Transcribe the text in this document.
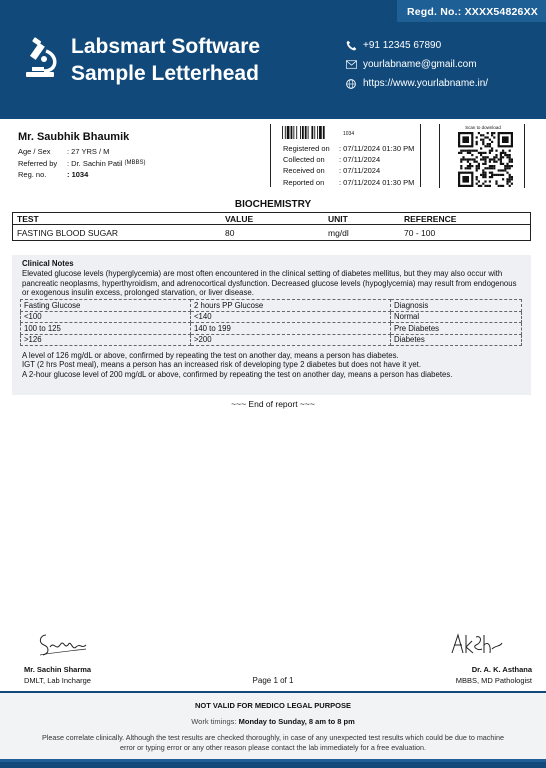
Regd. No.: XXXX54826XX
Labsmart Software
Sample Letterhead
+91 12345 67890
yourlabname@gmail.com
https://www.yourlabname.in/
Mr. Saubhik Bhaumik
Age / Sex	: 27 YRS / M
Referred by	: Dr. Sachin Patil
(MBBS)
Reg. no.	: 1034
1034
Registered on	: 07/11/2024 01:30 PM
Collected on	: 07/11/2024
Received on	: 07/11/2024
Reported on	: 07/11/2024 01:30 PM
Scan to download
BIOCHEMISTRY
TEST	VALUE	UNIT	REFERENCE
FASTING BLOOD SUGAR	80	mg/dl	70 - 100
Clinical Notes

Elevated glucose levels (hyperglycemia) are most often encountered in the clinical setting of diabetes mellitus, but they may also occur with pancreatic neoplasms, hyperthyroidism, and adrenocortical dysfunction. Decreased glucose levels (hypoglycemia) may result from endogenous or exogenous insulin excess, prolonged starvation, or liver disease.

Fasting Glucose	2 hours PP Glucose	Diagnosis
<100	<140	Normal
100 to 125	140 to 199	Pre Diabetes
>126	>200	Diabetes
A level of 126 mg/dL or above, confirmed by repeating the test on another day, means a person has diabetes.
IGT (2 hrs Post meal), means a person has an increased risk of developing type 2 diabetes but does not have it yet.
A 2-hour glucose level of 200 mg/dL or above, confirmed by repeating the test on another day, means a person has diabetes.
~~~ End of report ~~~
Mr. Sachin Sharma
DMLT, Lab Incharge
Dr. A. K. Asthana
MBBS, MD Pathologist
Page 1 of 1
NOT VALID FOR MEDICO LEGAL PURPOSE
Work timings: Monday to Sunday, 8 am to 8 pm
Please correlate clinically. Although the test results are checked thoroughly, in case of any unexpected test results which could be due to machine error or typing error or any other reason please contact the lab immediately for a free evaluation.
